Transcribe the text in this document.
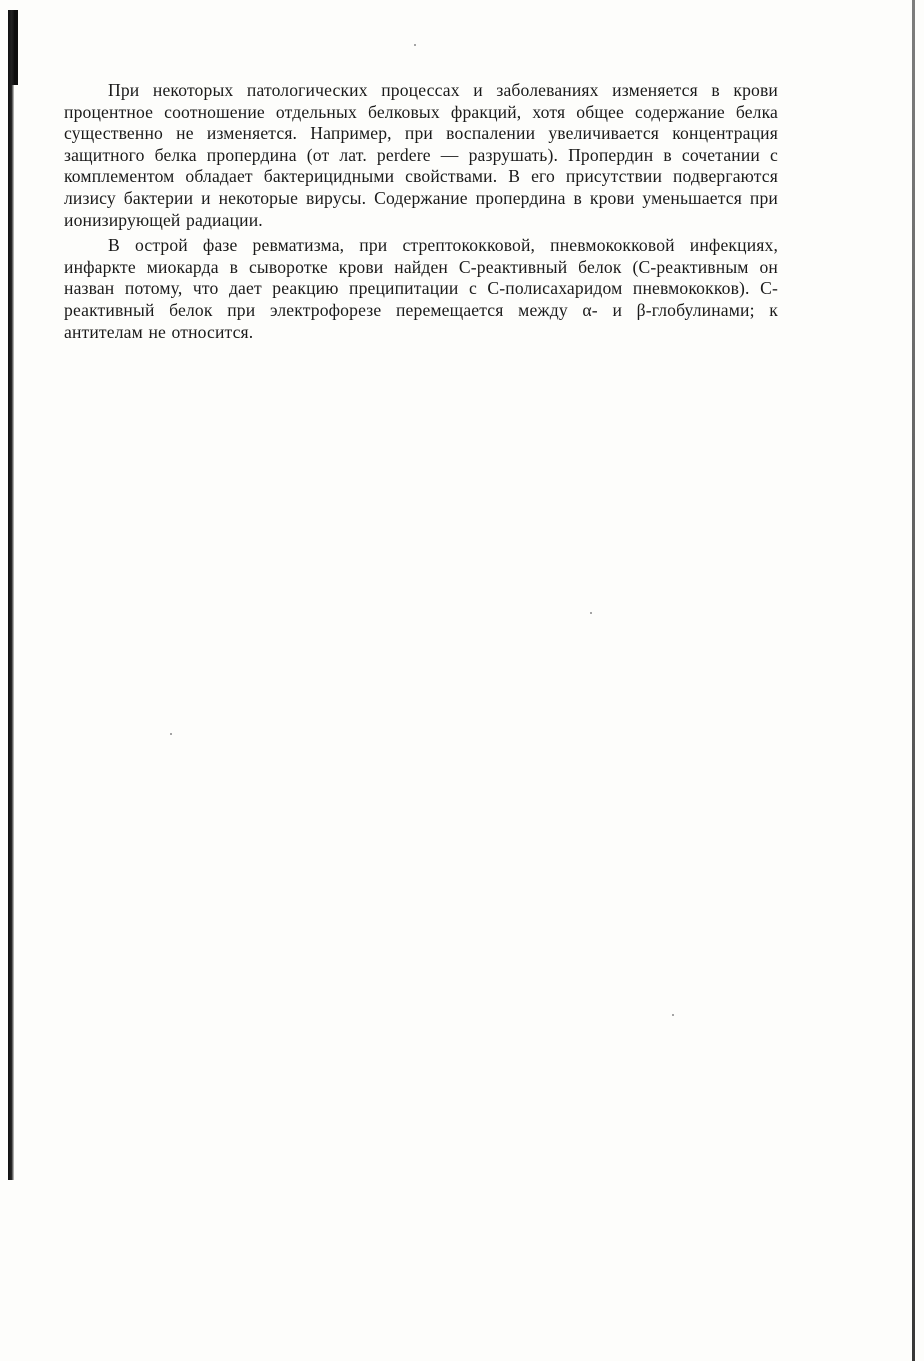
При некоторых патологических процессах и заболеваниях изменяется в крови процентное соотношение отдельных белковых фракций, хотя общее содержание белка существенно не изменяется. Например, при воспалении увеличивается концентрация защитного белка пропердина (от лат. perdere — разрушать). Пропердин в сочетании с комплементом обладает бактерицидными свойствами. В его присутствии подвергаются лизису бактерии и некоторые вирусы. Содержание пропердина в крови уменьшается при ионизирующей радиации.

В острой фазе ревматизма, при стрептококковой, пневмококковой инфекциях, инфаркте миокарда в сыворотке крови найден С-реактивный белок (С-реактивным он назван потому, что дает реакцию преципитации с С-полисахаридом пневмококков). С-реактивный белок при электрофорезе перемещается между α- и β-глобулинами; к антителам не относится.
